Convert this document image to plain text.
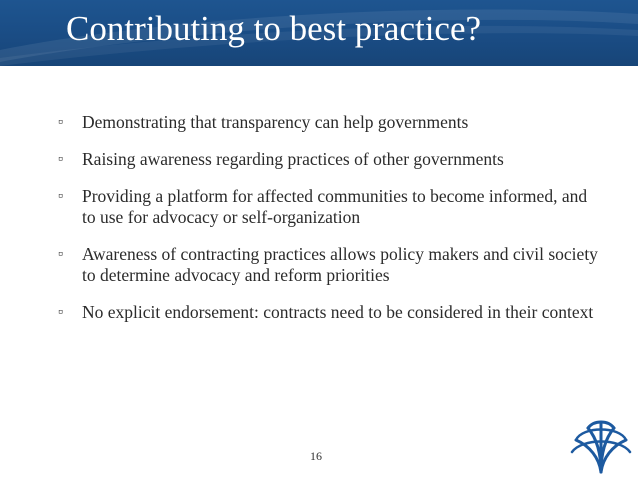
Contributing to best practice?
▫ Demonstrating that transparency can help governments
▫ Raising awareness regarding practices of other governments
▫ Providing a platform for affected communities to become informed, and to use for advocacy or self-organization
▫ Awareness of contracting practices allows policy makers and civil society to determine advocacy and reform priorities
▫ No explicit endorsement: contracts need to be considered in their context
16
